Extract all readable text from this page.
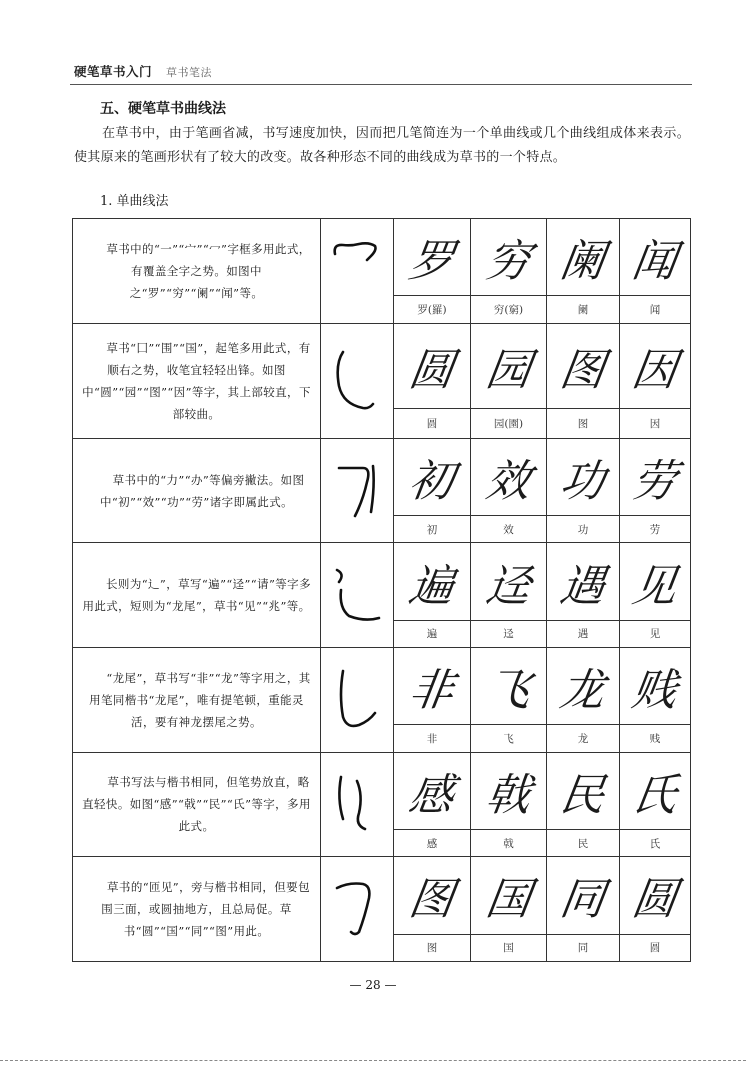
硬笔草书入门 草书笔法
五、硬笔草书曲线法
在草书中，由于笔画省减，书写速度加快，因而把几笔简连为一个单曲线或几个曲线组成体来表示。使其原来的笔画形状有了较大的改变。故各种形态不同的曲线成为草书的一个特点。
1. 单曲线法
草书中的“一”“宀”“冖”字框多用此式，有覆盖全字之势。如图中之“罗”“穷”“阑”“闻”等。		罗	穷	阑	闻
		罗(羅)	穷(窮)	阑	闻

草书“囗”“围”“国”，起笔多用此式，有顺右之势，收笔宜轻轻出锋。如图中“圆”“园”“图”“因”等字，其上部较直，下部较曲。		圆	园	图	因
		圆	园(園)	图	因

草书中的“力”“办”等偏旁撇法。如图中“初”“效”“功”“劳”诸字即属此式。		初	效	功	劳
		初	效	功	劳

长则为“辶”，草写“遍”“迳”“请”等字多用此式，短则为“龙尾”，草书“见”“兆”等。		遍	迳	遇	见
		遍	迳	遇	见

“龙尾”，草书写“非”“龙”等字用之，其用笔同楷书“龙尾”，唯有提笔顿，重能灵活，要有神龙摆尾之势。		非	飞	龙	贱
		非	飞	龙	贱

草书写法与楷书相同，但笔势放直，略直轻快。如图“感”“戟”“民”“氏”等字，多用此式。		感	戟	民	氏
		感	戟	民	氏

草书的“匝见”，旁与楷书相同，但要包围三面，或圆抽地方，且总局促。草书“圆”“国”“同”“图”用此。		图	国	同	圆
		图	国	同	圆
— 28 —
